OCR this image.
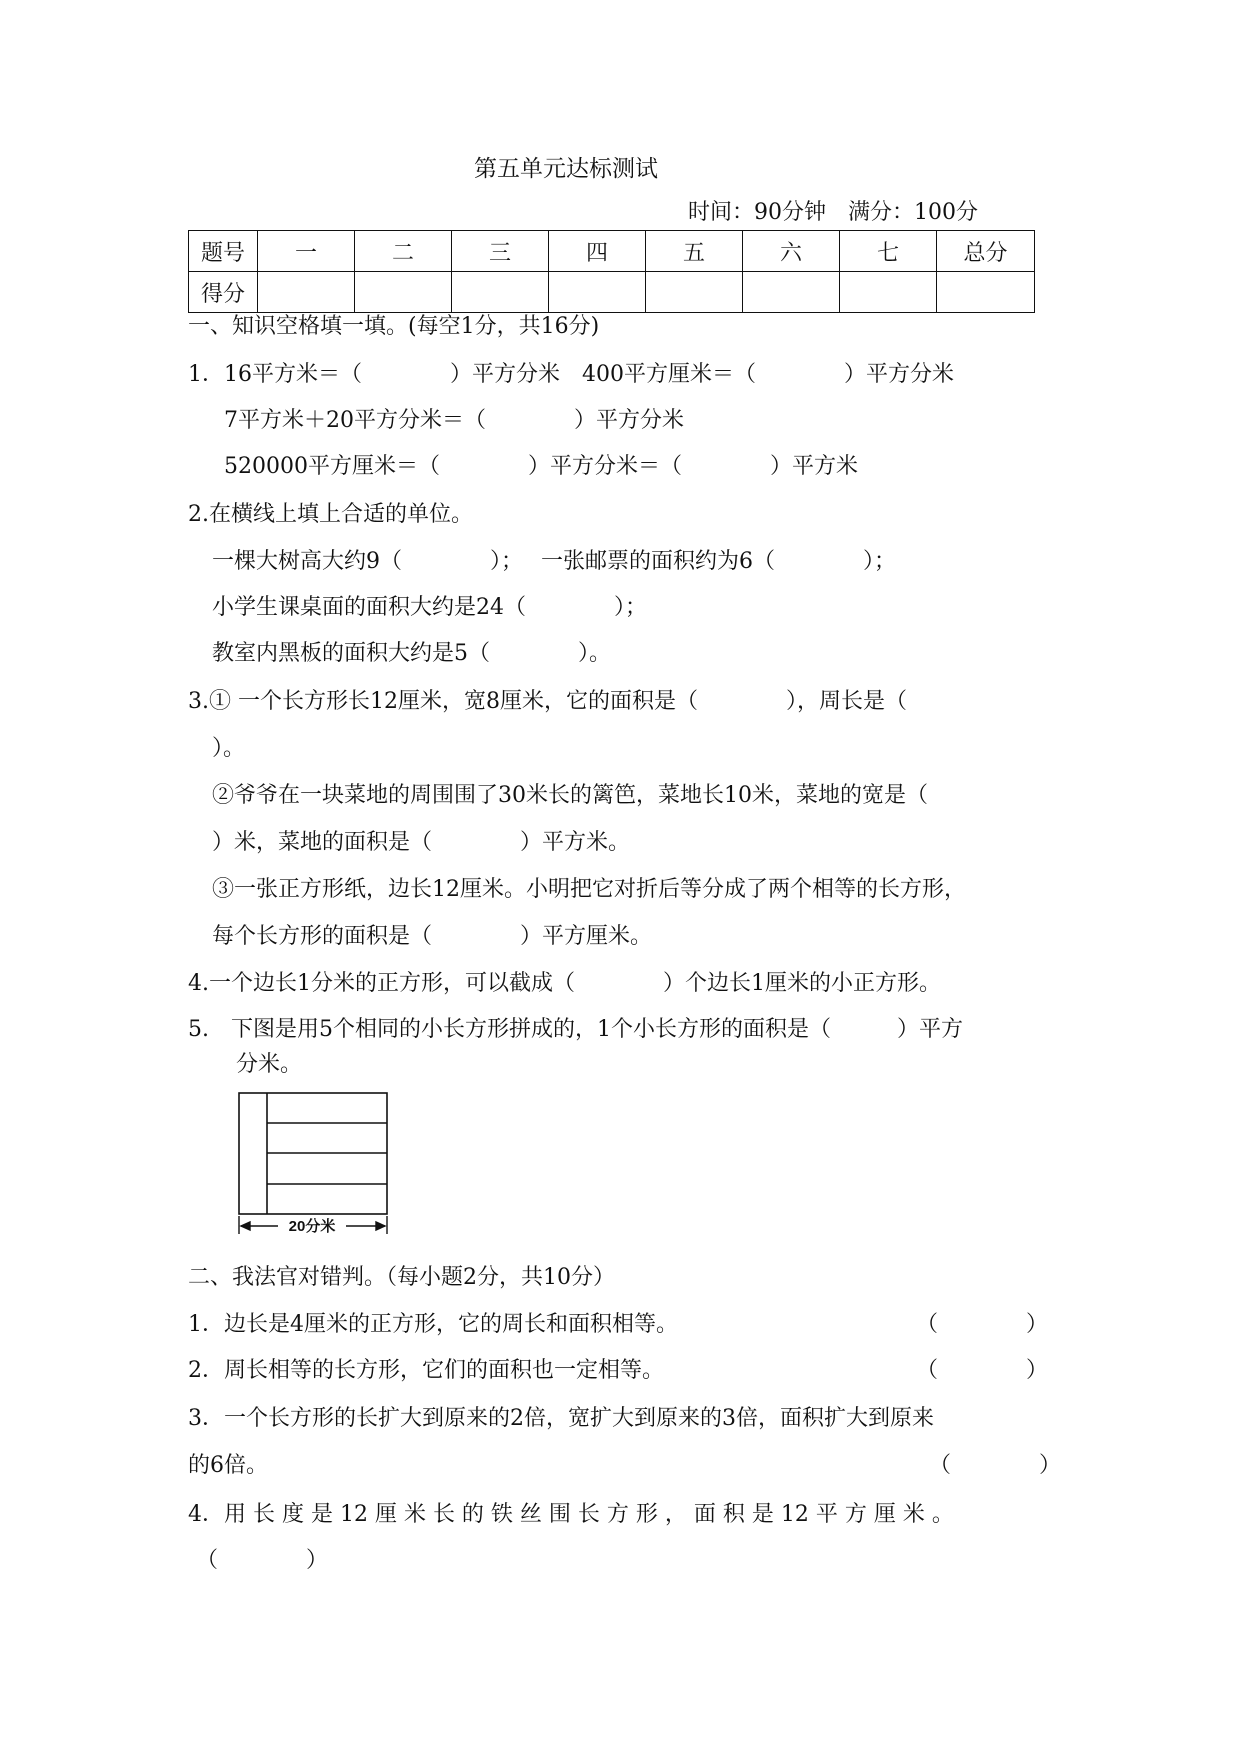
第五单元达标测试
时间：90分钟　满分：100分
题号	一	二	三	四	五	六	七	总分
得分								
一、知识空格填一填。(每空1分，共16分)
1．16平方米＝（　　　　）平方分米　400平方厘米＝（　　　　）平方分米
7平方米＋20平方分米＝（　　　　）平方分米
520000平方厘米＝（　　　　）平方分米＝（　　　　）平方米
2.在横线上填上合适的单位。
一棵大树高大约9（　　　　）；　 一张邮票的面积约为6（　　　　）；
小学生课桌面的面积大约是24（　　　　）；
教室内黑板的面积大约是5（　　　　）。
3.① 一个长方形长12厘米，宽8厘米，它的面积是（　　　　），周长是（
）。
②爷爷在一块菜地的周围围了30米长的篱笆，菜地长10米，菜地的宽是（
）米，菜地的面积是（　　　　）平方米。
③一张正方形纸，边长12厘米。小明把它对折后等分成了两个相等的长方形，
每个长方形的面积是（　　　　）平方厘米。
4.一个边长1分米的正方形，可以截成（　　　　）个边长1厘米的小正方形。
5.　下图是用5个相同的小长方形拼成的，1个小长方形的面积是（　　　）平方
分米。
20分米
二、我法官对错判。（每小题2分，共10分）
1．边长是4厘米的正方形，它的周长和面积相等。	（　　　　）
2．周长相等的长方形，它们的面积也一定相等。	（　　　　）
3．一个长方形的长扩大到原来的2倍，宽扩大到原来的3倍，面积扩大到原来
的6倍。	（　　　　）
4．用 长 度 是 12 厘 米 长 的 铁 丝 围 长 方 形 ， 面 积 是 12 平 方 厘 米 。
（　　　　）
